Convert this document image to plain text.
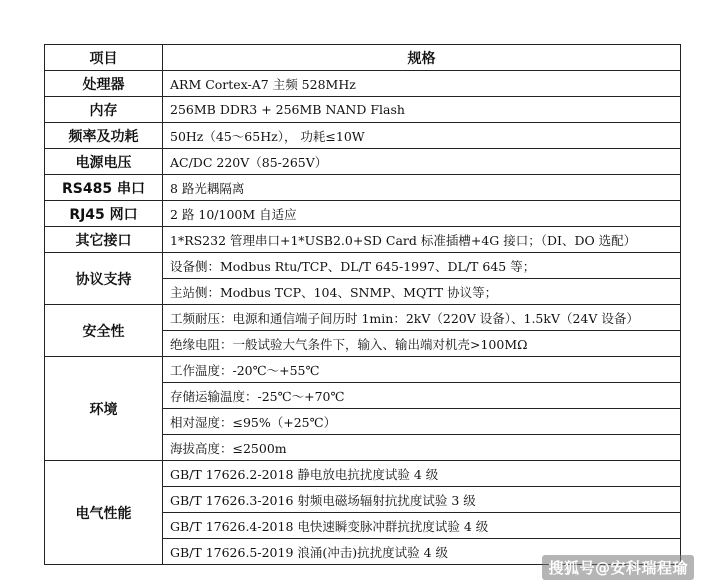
项目	规格
处理器	ARM Cortex-A7 主频 528MHz
内存	256MB DDR3 + 256MB NAND Flash
频率及功耗	50Hz（45～65Hz）， 功耗≤10W
电源电压	AC/DC 220V（85-265V）
RS485 串口	8 路光耦隔离
RJ45 网口	2 路 10/100M 自适应
其它接口	1*RS232 管理串口+1*USB2.0+SD Card 标准插槽+4G 接口；（DI、DO 选配）
协议支持	设备侧：Modbus Rtu/TCP、DL/T 645-1997、DL/T 645 等；
	主站侧：Modbus TCP、104、SNMP、MQTT 协议等；
安全性	工频耐压：电源和通信端子间历时 1min：2kV（220V 设备）、1.5kV（24V 设备）
	绝缘电阻：一般试验大气条件下，输入、输出端对机壳>100MΩ
环境	工作温度：-20℃～+55℃
	存储运输温度：-25℃～+70℃
	相对湿度：≤95%（+25℃）
	海拔高度：≤2500m
电气性能	GB/T 17626.2-2018 静电放电抗扰度试验 4 级
	GB/T 17626.3-2016 射频电磁场辐射抗扰度试验 3 级
	GB/T 17626.4-2018 电快速瞬变脉冲群抗扰度试验 4 级
	GB/T 17626.5-2019 浪涌(冲击)抗扰度试验 4 级
搜狐号@安科瑞程瑜
